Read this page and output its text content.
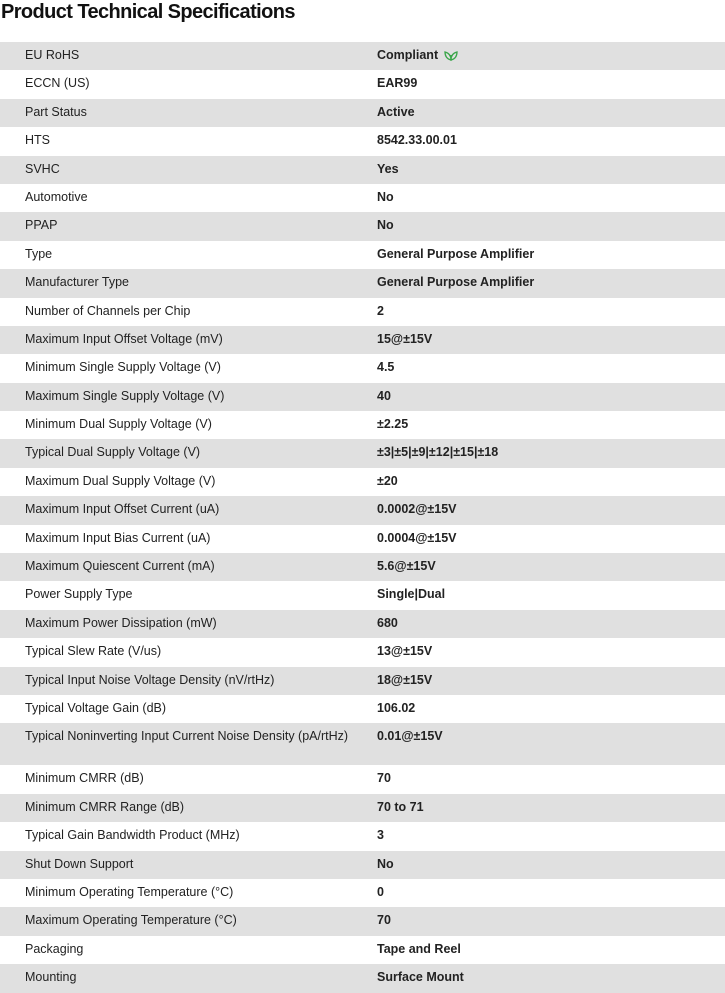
Product Technical Specifications
EU RoHS	Compliant
ECCN (US)	EAR99
Part Status	Active
HTS	8542.33.00.01
SVHC	Yes
Automotive	No
PPAP	No
Type	General Purpose Amplifier
Manufacturer Type	General Purpose Amplifier
Number of Channels per Chip	2
Maximum Input Offset Voltage (mV)	15@±15V
Minimum Single Supply Voltage (V)	4.5
Maximum Single Supply Voltage (V)	40
Minimum Dual Supply Voltage (V)	±2.25
Typical Dual Supply Voltage (V)	±3|±5|±9|±12|±15|±18
Maximum Dual Supply Voltage (V)	±20
Maximum Input Offset Current (uA)	0.0002@±15V
Maximum Input Bias Current (uA)	0.0004@±15V
Maximum Quiescent Current (mA)	5.6@±15V
Power Supply Type	Single|Dual
Maximum Power Dissipation (mW)	680
Typical Slew Rate (V/us)	13@±15V
Typical Input Noise Voltage Density (nV/rtHz)	18@±15V
Typical Voltage Gain (dB)	106.02
Typical Noninverting Input Current Noise Density (pA/rtHz)	0.01@±15V
Minimum CMRR (dB)	70
Minimum CMRR Range (dB)	70 to 71
Typical Gain Bandwidth Product (MHz)	3
Shut Down Support	No
Minimum Operating Temperature (°C)	0
Maximum Operating Temperature (°C)	70
Packaging	Tape and Reel
Mounting	Surface Mount
